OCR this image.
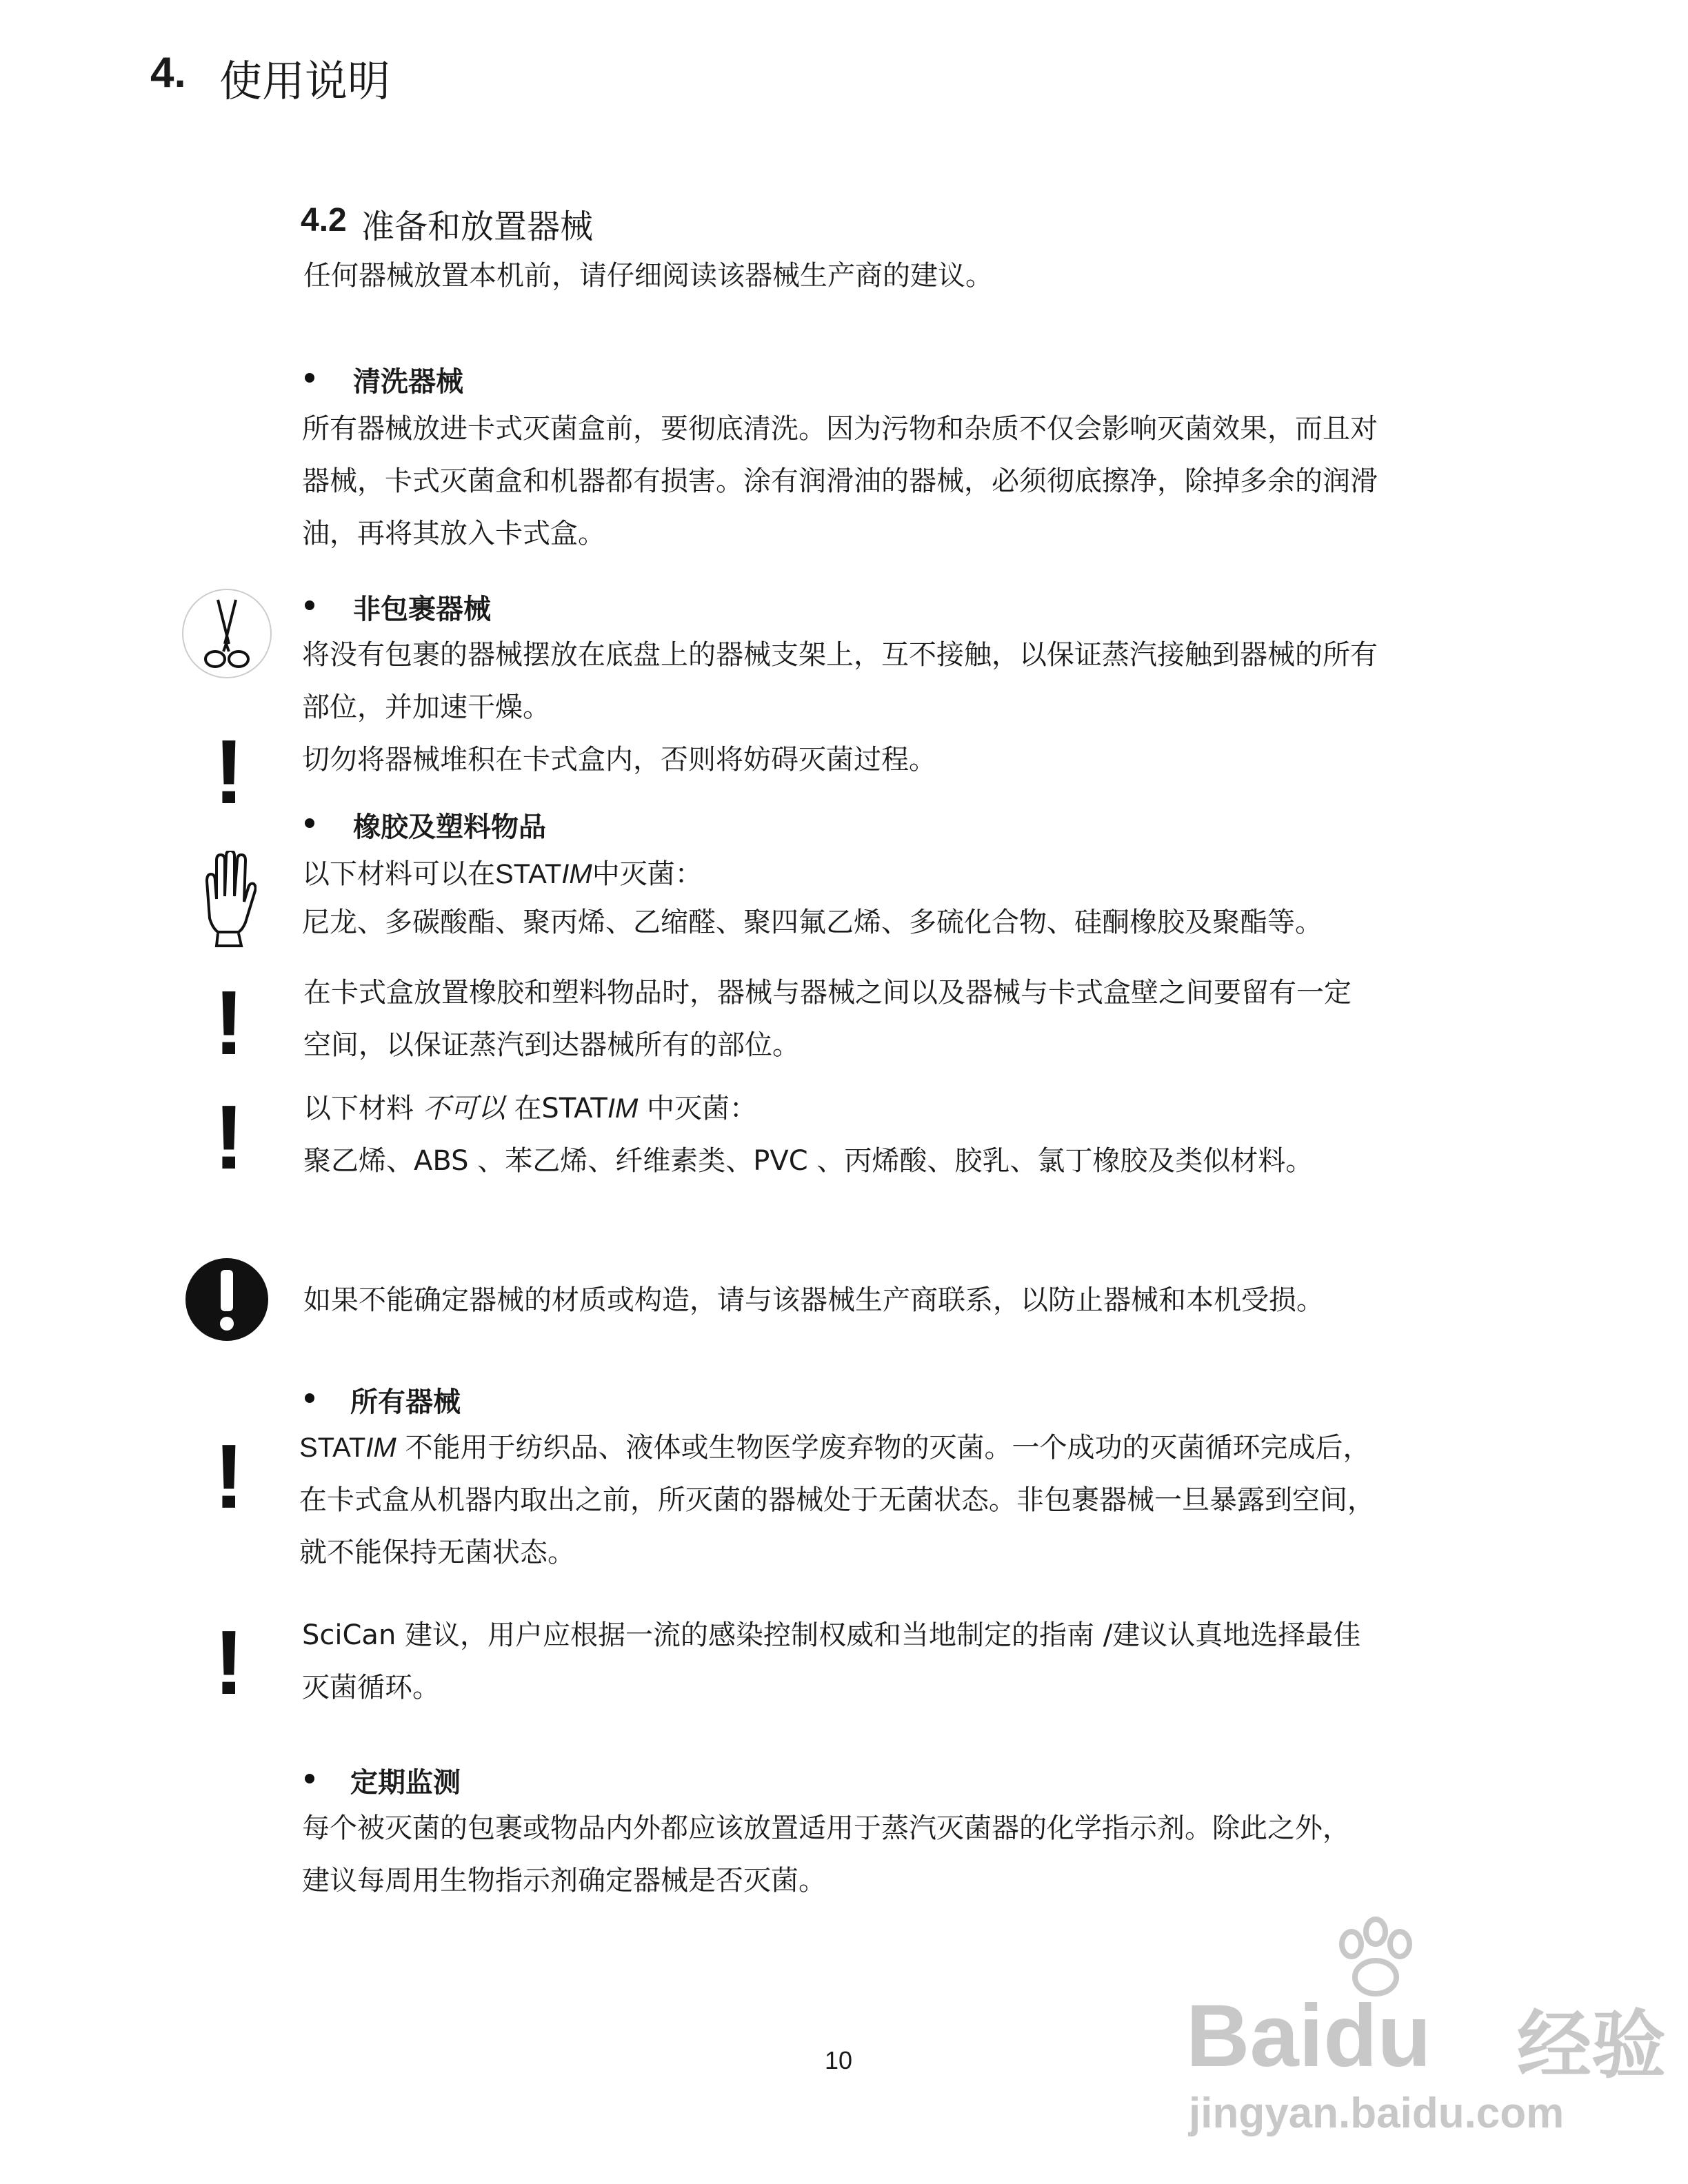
4. 使用说明
4.2 准备和放置器械
任何器械放置本机前，请仔细阅读该器械生产商的建议。
清洗器械
所有器械放进卡式灭菌盒前，要彻底清洗。因为污物和杂质不仅会影响灭菌效果，而且对
器械，卡式灭菌盒和机器都有损害。涂有润滑油的器械，必须彻底擦净，除掉多余的润滑
油，再将其放入卡式盒。
非包裹器械
将没有包裹的器械摆放在底盘上的器械支架上，互不接触，以保证蒸汽接触到器械的所有
部位，并加速干燥。
! 切勿将器械堆积在卡式盒内，否则将妨碍灭菌过程。
橡胶及塑料物品
以下材料可以在STATIM中灭菌：
尼龙、多碳酸酯、聚丙烯、乙缩醛、聚四氟乙烯、多硫化合物、硅酮橡胶及聚酯等。
! 在卡式盒放置橡胶和塑料物品时，器械与器械之间以及器械与卡式盒壁之间要留有一定
空间，以保证蒸汽到达器械所有的部位。
! 以下材料 不可以 在STATIM 中灭菌：
聚乙烯、ABS 、苯乙烯、纤维素类、PVC 、丙烯酸、胶乳、氯丁橡胶及类似材料。
如果不能确定器械的材质或构造，请与该器械生产商联系，以防止器械和本机受损。
所有器械
! STATIM 不能用于纺织品、液体或生物医学废弃物的灭菌。一个成功的灭菌循环完成后，
在卡式盒从机器内取出之前，所灭菌的器械处于无菌状态。非包裹器械一旦暴露到空间，
就不能保持无菌状态。
! SciCan 建议，用户应根据一流的感染控制权威和当地制定的指南 /建议认真地选择最佳
灭菌循环。
定期监测
每个被灭菌的包裹或物品内外都应该放置适用于蒸汽灭菌器的化学指示剂。除此之外，
建议每周用生物指示剂确定器械是否灭菌。
10	Baidu 经验
jingyan.baidu.com
